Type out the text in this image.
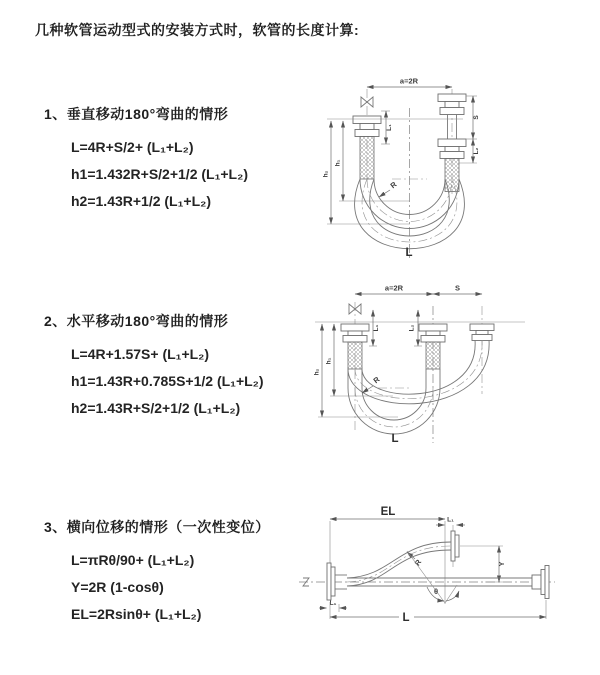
几种软管运动型式的安装方式时，软管的长度计算:
1、垂直移动180°弯曲的情形
L=4R+S/2+ (L₁+L₂)
h1=1.432R+S/2+1/2 (L₁+L₂)
h2=1.43R+1/2 (L₁+L₂)
2、水平移动180°弯曲的情形
L=4R+1.57S+ (L₁+L₂)
h1=1.43R+0.785S+1/2 (L₁+L₂)
h2=1.43R+S/2+1/2 (L₁+L₂)
3、横向位移的情形（一次性变位）
L=πRθ/90+ (L₁+L₂)
Y=2R (1-cosθ)
EL=2Rsinθ+ (L₁+L₂)
a=2R
L₁
S
L₂
h₂
h₁
R
L
a=2R	S
L₁	L₂
h₂
h₁
R
L
EL
L₁
Y
R
θ
L₁
L
